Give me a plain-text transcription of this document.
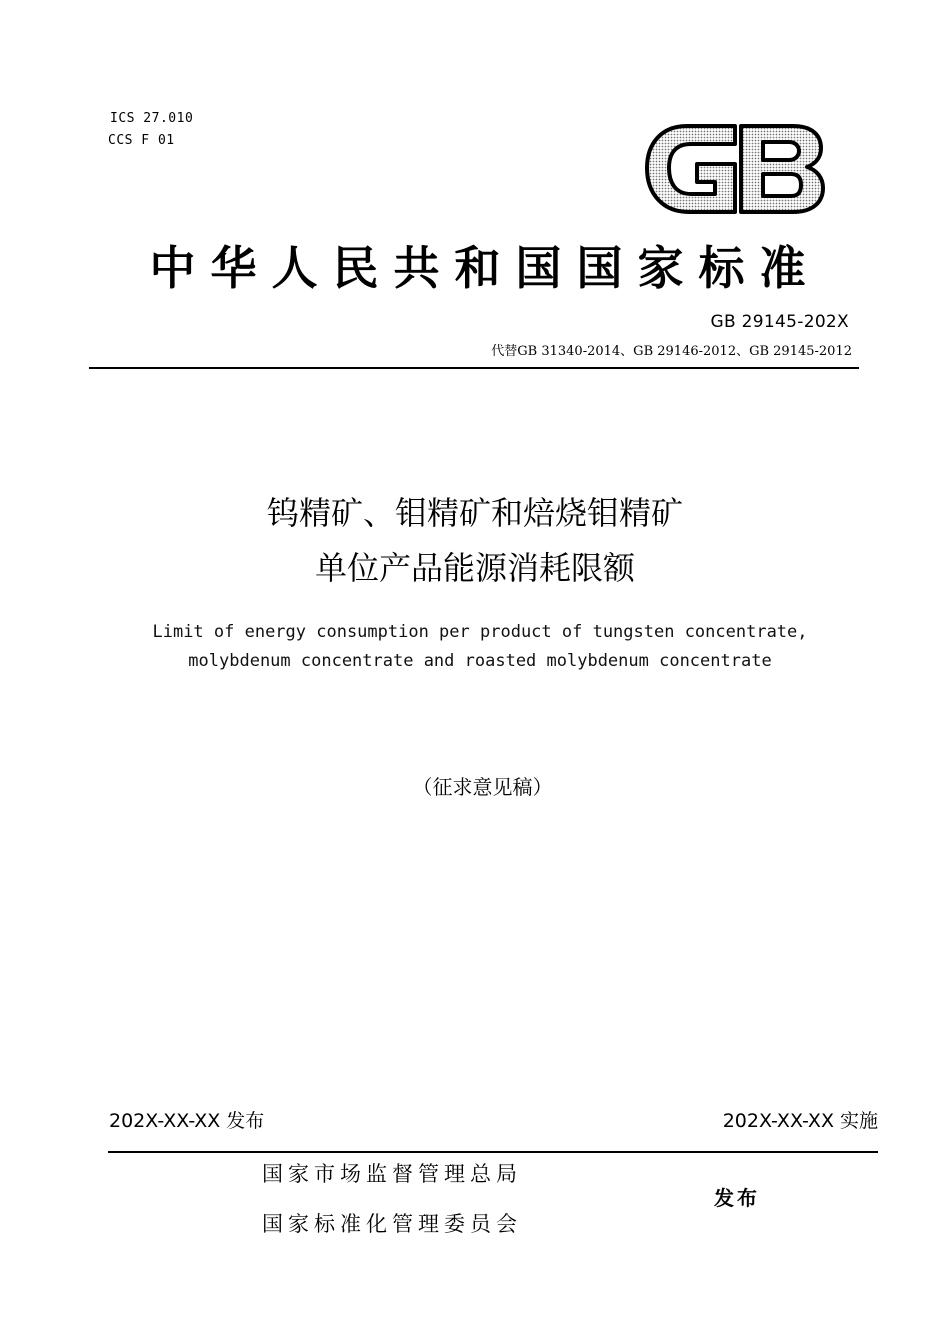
ICS 27.010
CCS F 01
中华人民共和国国家标准
GB 29145-202X
代替GB 31340-2014、GB 29146-2012、GB 29145-2012
钨精矿、钼精矿和焙烧钼精矿
单位产品能源消耗限额
Limit of energy consumption per product of tungsten concentrate,
molybdenum concentrate and roasted molybdenum concentrate
（征求意见稿）
202X-XX-XX 发布	202X-XX-XX 实施
国家市场监督管理总局
国家标准化管理委员会
发布
